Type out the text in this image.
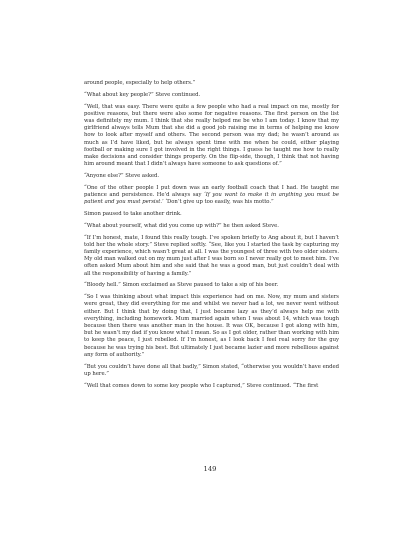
around people, especially to help others.”

“What about key people?” Steve continued.

“Well, that was easy. There were quite a few people who had a real impact on me, mostly for positive reasons, but there were also some for negative reasons. The first person on the list was definitely my mum. I think that she really helped me be who I am today. I know that my girlfriend always tells Mum that she did a good job raising me in terms of helping me know how to look after myself and others. The second person was my dad; he wasn’t around as much as I’d have liked, but he always spent time with me when he could, either playing football or making sure I got involved in the right things. I guess he taught me how to really make decisions and consider things properly. On the flip-side, though, I think that not having him around meant that I didn’t always have someone to ask questions of.”

“Anyone else?” Steve asked.

“One of the other people I put down was an early football coach that I had. He taught me patience and persistence. He’d always say ‘If you want to make it in anything you must be patient and you must persist.’ ‘Don’t give up too easily, was his motto.”

Simon paused to take another drink.

“What about yourself, what did you come up with?” he then asked Steve.

“If I’m honest, mate, I found this really tough. I’ve spoken briefly to Ang about it, but I haven’t told her the whole story.” Steve replied softly. “See, like you I started the task by capturing my family experience, which wasn’t great at all. I was the youngest of three with two older sisters. My old man walked out on my mum just after I was born so I never really got to meet him. I’ve often asked Mum about him and she said that he was a good man, but just couldn’t deal with all the responsibility of having a family.”

“Bloody hell.” Simon exclaimed as Steve paused to take a sip of his beer.

“So I was thinking about what impact this experience had on me. Now, my mum and sisters were great, they did everything for me and whilst we never had a lot, we never went without either. But I think that by doing that, I just became lazy as they’d always help me with everything, including homework. Mum married again when I was about 14, which was tough because then there was another man in the house. It was OK, because I got along with him, but he wasn’t my dad if you know what I mean. So as I got older, rather than working with him to keep the peace, I just rebelled. If I’m honest, as I look back I feel real sorry for the guy because he was trying his best. But ultimately I just became lazier and more rebellious against any form of authority.”

“But you couldn’t have done all that badly,” Simon stated, “otherwise you wouldn’t have ended up here.”

“Well that comes down to some key people who I captured,” Steve continued. “The first

149
